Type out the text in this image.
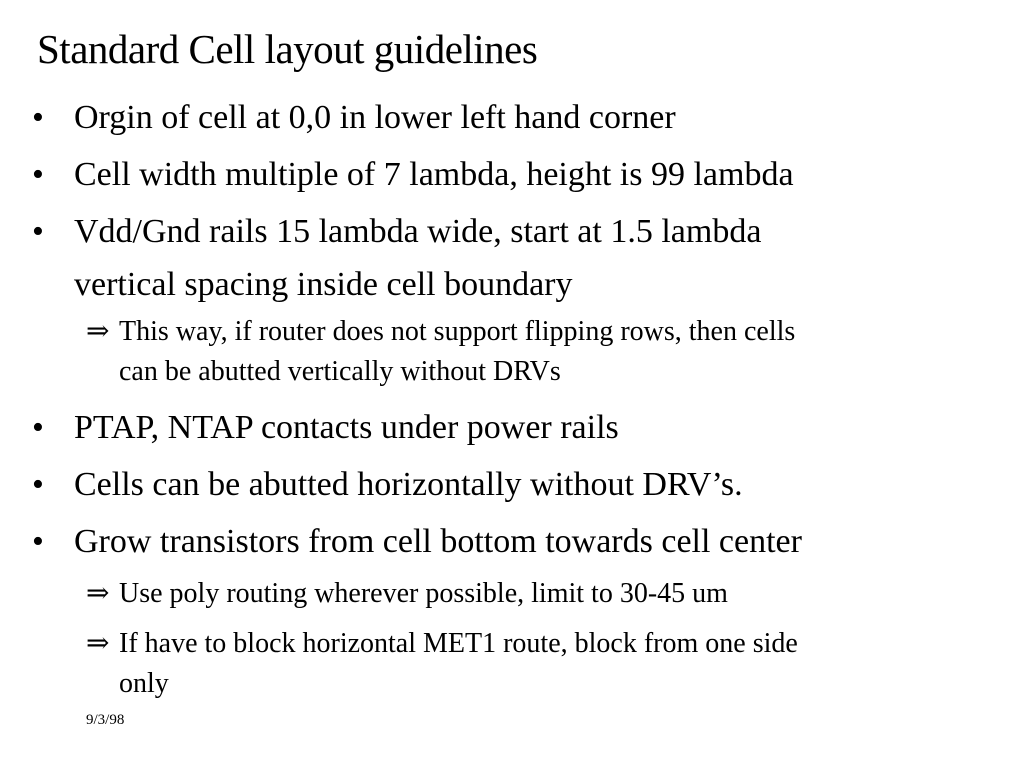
Standard Cell layout guidelines
• Orgin of cell at 0,0 in lower left hand corner
• Cell width multiple of 7 lambda, height is 99 lambda
• Vdd/Gnd rails 15 lambda wide, start at 1.5 lambda
vertical spacing inside cell boundary
• PTAP, NTAP contacts under power rails
• Cells can be abutted horizontally without DRV’s.
• Grow transistors from cell bottom towards cell center
⇒ This way, if router does not support flipping rows, then cells
can be abutted vertically without DRVs
⇒ Use poly routing wherever possible, limit to 30-45 um
⇒ If have to block horizontal MET1 route, block from one side
only
9/3/98
